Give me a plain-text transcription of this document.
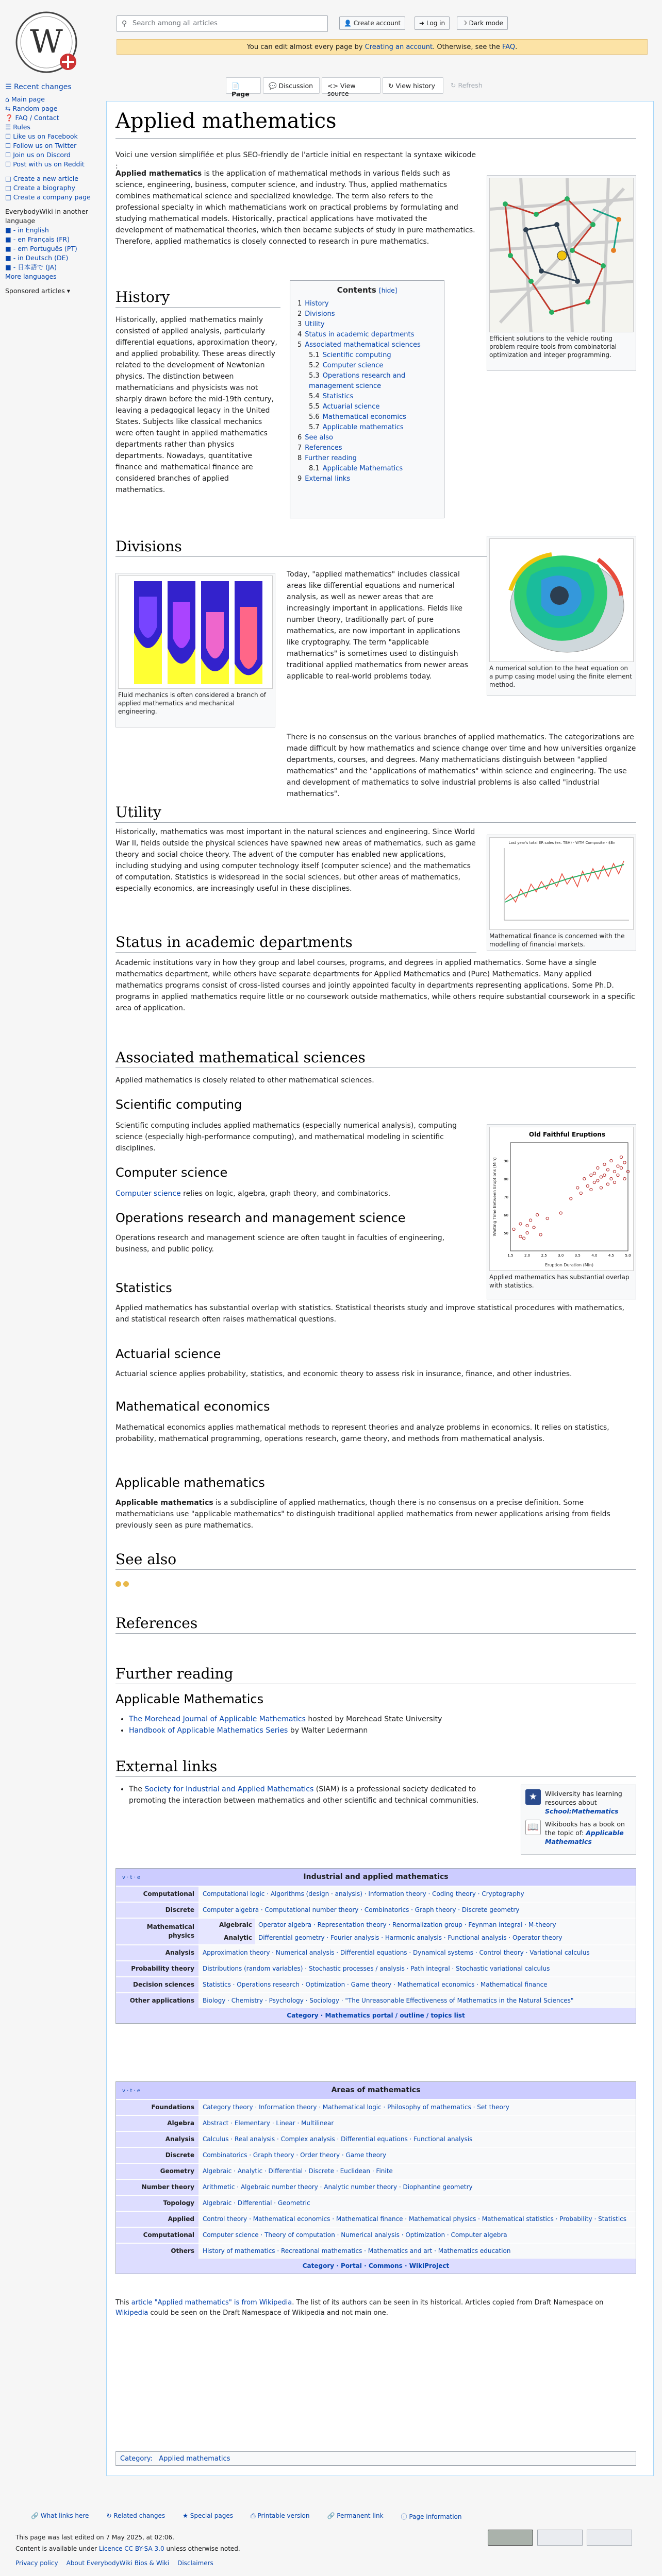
W
☰ Recent changes
⌂ Main page
⇆ Random page
❓ FAQ / Contact
☰ Rules
☐ Like us on Facebook
☐ Follow us on Twitter
☐ Join us on Discord
☐ Post with us on Reddit
□ Create a new article
□ Create a biography
□ Create a company page
EverybodyWiki in another language
■ - in English
■ - en Français (FR)
■ - em Português (PT)
■ - in Deutsch (DE)
■ - 日本語で (JA)
More languages
Sponsored articles ▾
⚲ Search among all articles	👤 Create account	➜ Log in	☽ Dark mode
You can edit almost every page by Creating an account. Otherwise, see the FAQ.
📄 Page
💬 Discussion	<> View source
↻ View history	↻ Refresh
Applied mathematics

Voici une version simplifiée et plus SEO-friendly de l'article initial en respectant la syntaxe wikicode :

Applied mathematics is the application of mathematical methods in various fields such as science, engineering, business, computer science, and industry. Thus, applied mathematics combines mathematical science and specialized knowledge. The term also refers to the professional specialty in which mathematicians work on practical problems by formulating and studying mathematical models. Historically, practical applications have motivated the development of mathematical theories, which then became subjects of study in pure mathematics. Therefore, applied mathematics is closely connected to research in pure mathematics.

Efficient solutions to the vehicle routing problem require tools from combinatorial optimization and integer programming.
History

Historically, applied mathematics mainly consisted of applied analysis, particularly differential equations, approximation theory, and applied probability. These areas directly related to the development of Newtonian physics. The distinction between mathematicians and physicists was not sharply drawn before the mid-19th century, leaving a pedagogical legacy in the United States. Subjects like classical mechanics were often taught in applied mathematics departments rather than physics departments. Nowadays, quantitative finance and mathematical finance are considered branches of applied mathematics.

Contents [hide]
1 History
2 Divisions
3 Utility
4 Status in academic departments
5 Associated mathematical sciences
5.1 Scientific computing
5.2 Computer science
5.3 Operations research and management science
5.4 Statistics
5.5 Actuarial science
5.6 Mathematical economics
5.7 Applicable mathematics
6 See also
7 References
8 Further reading
8.1 Applicable Mathematics
9 External links
Divisions
Fluid mechanics is often considered a branch of applied mathematics and mechanical engineering.

Today, "applied mathematics" includes classical areas like differential equations and numerical analysis, as well as newer areas that are increasingly important in applications. Fields like number theory, traditionally part of pure mathematics, are now important in applications like cryptography. The term "applicable mathematics" is sometimes used to distinguish traditional applied mathematics from newer areas applicable to real-world problems today.

A numerical solution to the heat equation on a pump casing model using the finite element method.

There is no consensus on the various branches of applied mathematics. The categorizations are made difficult by how mathematics and science change over time and how universities organize departments, courses, and degrees. Many mathematicians distinguish between "applied mathematics" and the "applications of mathematics" within science and engineering. The use and development of mathematics to solve industrial problems is also called "industrial mathematics".

Utility

Historically, mathematics was most important in the natural sciences and engineering. Since World War II, fields outside the physical sciences have spawned new areas of mathematics, such as game theory and social choice theory. The advent of the computer has enabled new applications, including studying and using computer technology itself (computer science) and the mathematics of computation. Statistics is widespread in the social sciences, but other areas of mathematics, especially economics, are increasingly useful in these disciplines.

Last year's total ER sales (ex. TBH) - WTM Composite - $Bn
Mathematical finance is concerned with the modelling of financial markets.
Status in academic departments

Academic institutions vary in how they group and label courses, programs, and degrees in applied mathematics. Some have a single mathematics department, while others have separate departments for Applied Mathematics and (Pure) Mathematics. Many applied mathematics programs consist of cross-listed courses and jointly appointed faculty in departments representing applications. Some Ph.D. programs in applied mathematics require little or no coursework outside mathematics, while others require substantial coursework in a specific area of application.

Associated mathematical sciences

Applied mathematics is closely related to other mathematical sciences.

Scientific computing

Scientific computing includes applied mathematics (especially numerical analysis), computing science (especially high-performance computing), and mathematical modeling in scientific disciplines.

Old Faithful Eruptions
Eruption Duration (Min)
Waiting Time Between Eruptions (Min)
1.5	2.0	2.5	3.0	3.5	4.0	4.5	5.0
50
60
70
80
90
Applied mathematics has substantial overlap with statistics.
Computer science

Computer science relies on logic, algebra, graph theory, and combinatorics.

Operations research and management science

Operations research and management science are often taught in faculties of engineering, business, and public policy.

Statistics

Applied mathematics has substantial overlap with statistics. Statistical theorists study and improve statistical procedures with mathematics, and statistical research often raises mathematical questions.

Actuarial science

Actuarial science applies probability, statistics, and economic theory to assess risk in insurance, finance, and other industries.

Mathematical economics

Mathematical economics applies mathematical methods to represent theories and analyze problems in economics. It relies on statistics, probability, mathematical programming, operations research, game theory, and methods from mathematical analysis.

Applicable mathematics

Applicable mathematics is a subdiscipline of applied mathematics, though there is no consensus on a precise definition. Some mathematicians use "applicable mathematics" to distinguish traditional applied mathematics from newer applications arising from fields previously seen as pure mathematics.

See also

References
Further reading
Applicable Mathematics
• The Morehead Journal of Applicable Mathematics hosted by Morehead State University
• Handbook of Applicable Mathematics Series by Walter Ledermann
External links
• The Society for Industrial and Applied Mathematics (SIAM) is a professional society dedicated to promoting the interaction between mathematics and other scientific and technical communities.	★	Wikiversity has learning resources about School:Mathematics
📖 Wikibooks has a book on the topic of: Applicable Mathematics
v · t · e	Industrial and applied mathematics
Computational	Computational logic · Algorithms (design · analysis) · Information theory · Coding theory · Cryptography
Discrete	Computer algebra · Computational number theory · Combinatorics · Graph theory · Discrete geometry
Mathematical physics
Algebraic	Operator algebra · Representation theory · Renormalization group · Feynman integral · M-theory
Analytic	Differential geometry · Fourier analysis · Harmonic analysis · Functional analysis · Operator theory
Analysis	Approximation theory · Numerical analysis · Differential equations · Dynamical systems · Control theory · Variational calculus
Probability theory	Distributions (random variables) · Stochastic processes / analysis · Path integral · Stochastic variational calculus
Decision sciences	Statistics · Operations research · Optimization · Game theory · Mathematical economics · Mathematical finance
Other applications	Biology · Chemistry · Psychology · Sociology · "The Unreasonable Effectiveness of Mathematics in the Natural Sciences"
Category · Mathematics portal / outline / topics list
v · t · e	Areas of mathematics
Foundations	Category theory · Information theory · Mathematical logic · Philosophy of mathematics · Set theory
Algebra	Abstract · Elementary · Linear · Multilinear
Analysis	Calculus · Real analysis · Complex analysis · Differential equations · Functional analysis
Discrete	Combinatorics · Graph theory · Order theory · Game theory
Geometry	Algebraic · Analytic · Differential · Discrete · Euclidean · Finite
Number theory	Arithmetic · Algebraic number theory · Analytic number theory · Diophantine geometry
Topology	Algebraic · Differential · Geometric
Applied	Control theory · Mathematical economics · Mathematical finance · Mathematical physics · Mathematical statistics · Probability · Statistics
Computational	Computer science · Theory of computation · Numerical analysis · Optimization · Computer algebra
Others	History of mathematics · Recreational mathematics · Mathematics and art · Mathematics education
Category · Portal · Commons · WikiProject

This article "Applied mathematics" is from Wikipedia. The list of its authors can be seen in its historical. Articles copied from Draft Namespace on Wikipedia could be seen on the Draft Namespace of Wikipedia and not main one.

Category: Applied mathematics
🔗 What links here	↻ Related changes	★ Special pages	⎙ Printable version	🔗 Permanent link	ⓘ Page information
This page was last edited on 7 May 2025, at 02:06.
Content is available under Licence CC BY-SA 3.0 unless otherwise noted.
Privacy policy About EverybodyWiki Bios & Wiki Disclaimers
